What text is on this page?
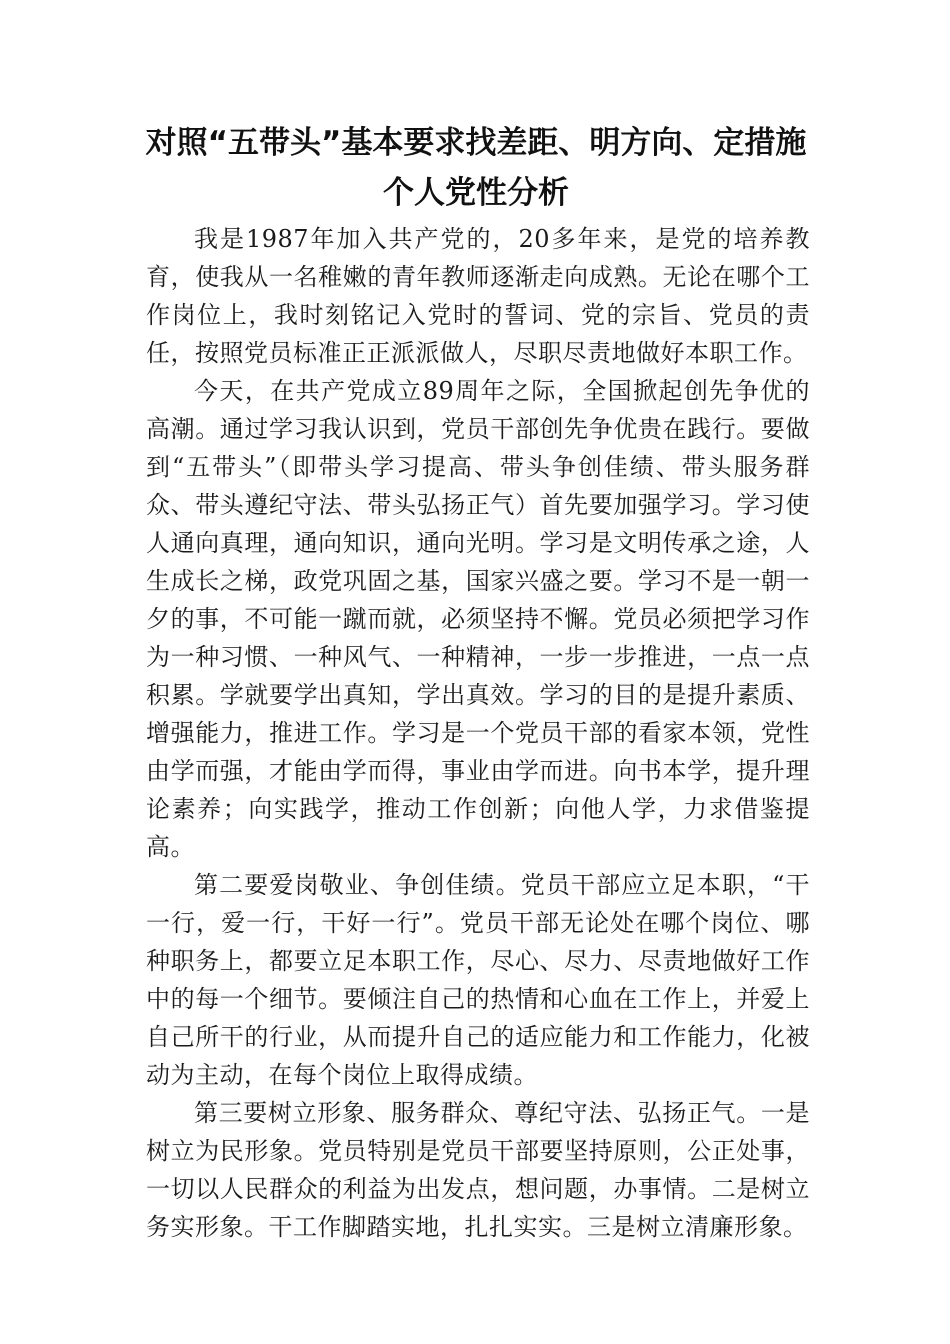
对照“五带头”基本要求找差距、明方向、定措施个人党性分析

我是1987年加入共产党的，20多年来，是党的培养教育，使我从一名稚嫩的青年教师逐渐走向成熟。无论在哪个工作岗位上，我时刻铭记入党时的誓词、党的宗旨、党员的责任，按照党员标准正正派派做人，尽职尽责地做好本职工作。

今天，在共产党成立89周年之际，全国掀起创先争优的高潮。通过学习我认识到，党员干部创先争优贵在践行。要做到“五带头”（即带头学习提高、带头争创佳绩、带头服务群众、带头遵纪守法、带头弘扬正气）首先要加强学习。学习使人通向真理，通向知识，通向光明。学习是文明传承之途，人生成长之梯，政党巩固之基，国家兴盛之要。学习不是一朝一夕的事，不可能一蹴而就，必须坚持不懈。党员必须把学习作为一种习惯、一种风气、一种精神，一步一步推进，一点一点积累。学就要学出真知，学出真效。学习的目的是提升素质、增强能力，推进工作。学习是一个党员干部的看家本领，党性由学而强，才能由学而得，事业由学而进。向书本学，提升理论素养；向实践学，推动工作创新；向他人学，力求借鉴提高。

第二要爱岗敬业、争创佳绩。党员干部应立足本职，“干一行，爱一行，干好一行”。党员干部无论处在哪个岗位、哪种职务上，都要立足本职工作，尽心、尽力、尽责地做好工作中的每一个细节。要倾注自己的热情和心血在工作上，并爱上自己所干的行业，从而提升自己的适应能力和工作能力，化被动为主动，在每个岗位上取得成绩。

第三要树立形象、服务群众、尊纪守法、弘扬正气。一是树立为民形象。党员特别是党员干部要坚持原则，公正处事，一切以人民群众的利益为出发点，想问题，办事情。二是树立务实形象。干工作脚踏实地，扎扎实实。三是树立清廉形象。
